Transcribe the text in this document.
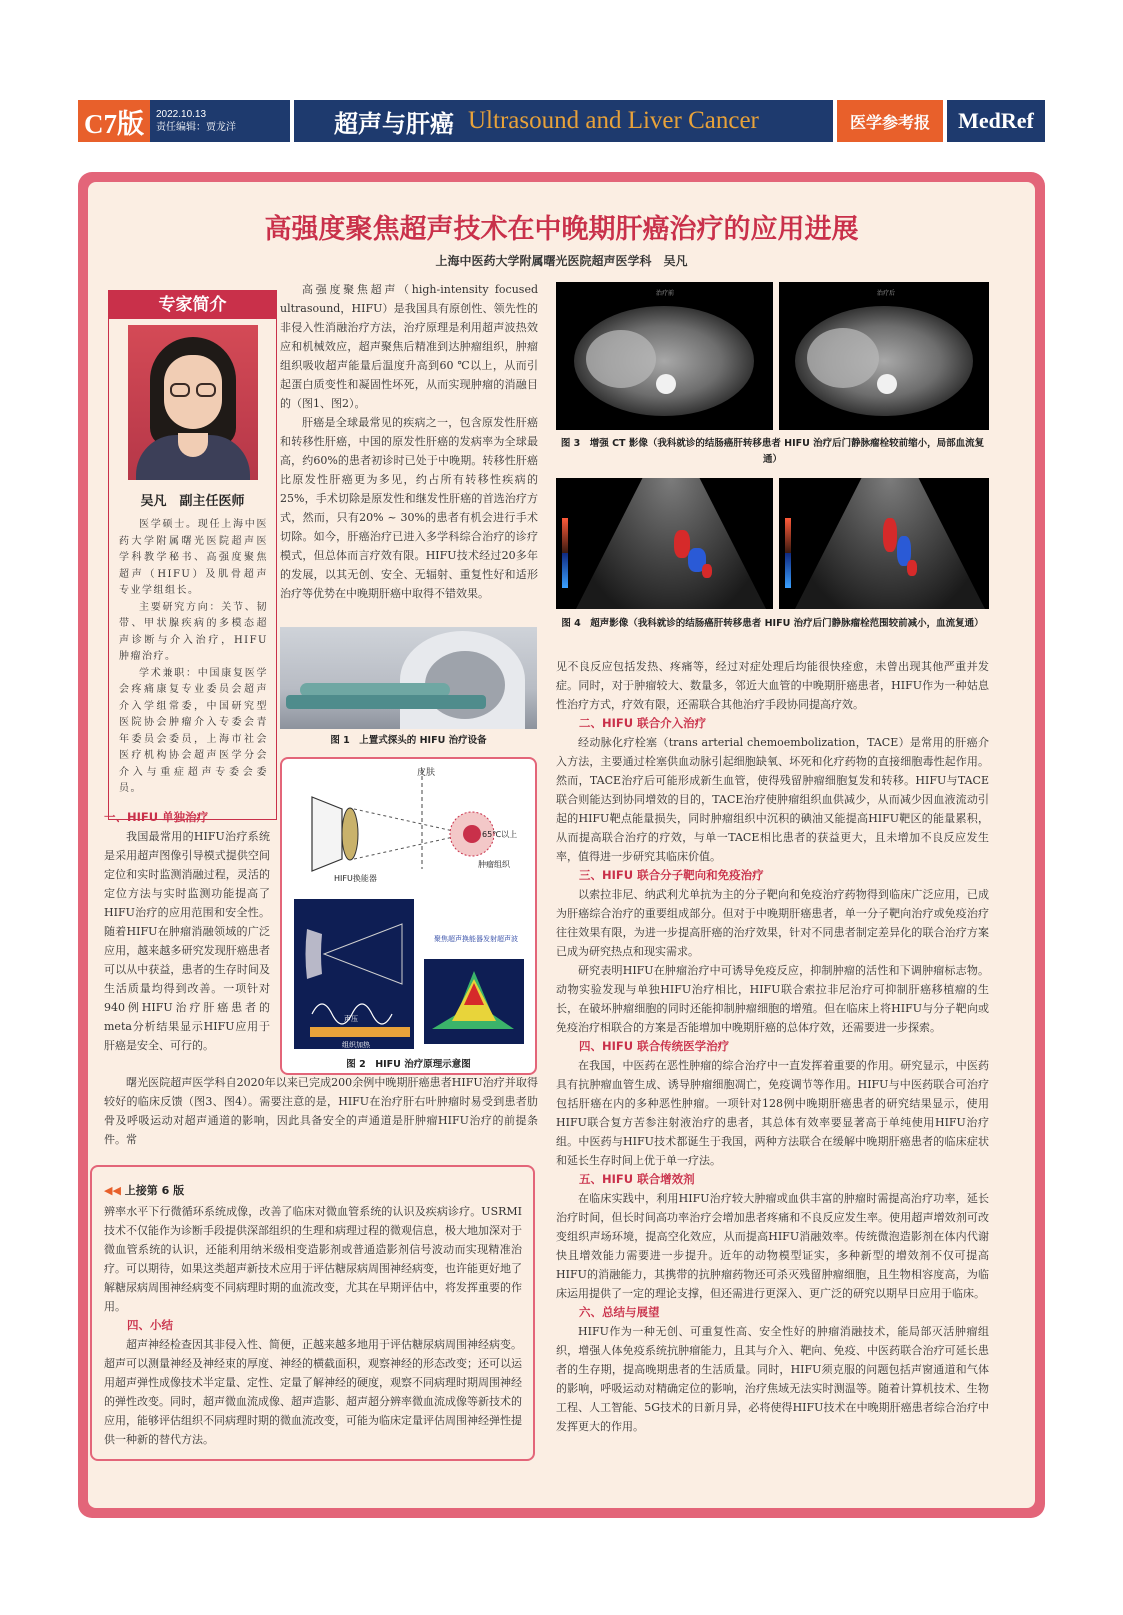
C7版	2022.10.13
责任编辑：贾龙洋	超声与肝癌 Ultrasound and Liver Cancer	医学参考报	MedRef
高强度聚焦超声技术在中晚期肝癌治疗的应用进展
上海中医药大学附属曙光医院超声医学科　吴凡
专家简介
吴凡　副主任医师

医学硕士。现任上海中医药大学附属曙光医院超声医学科教学秘书、高强度聚焦超声（HIFU）及肌骨超声专业学组组长。

主要研究方向：关节、韧带、甲状腺疾病的多模态超声诊断与介入治疗，HIFU肿瘤治疗。

学术兼职：中国康复医学会疼痛康复专业委员会超声介入学组常委，中国研究型医院协会肿瘤介入专委会青年委员会委员，上海市社会医疗机构协会超声医学分会介入与重症超声专委会委员。

高强度聚焦超声（high-intensity focused ultrasound，HIFU）是我国具有原创性、领先性的非侵入性消融治疗方法，治疗原理是利用超声波热效应和机械效应，超声聚焦后精准到达肿瘤组织，肿瘤组织吸收超声能量后温度升高到60 ℃以上，从而引起蛋白质变性和凝固性坏死，从而实现肿瘤的消融目的（图1、图2）。

肝癌是全球最常见的疾病之一，包含原发性肝癌和转移性肝癌，中国的原发性肝癌的发病率为全球最高，约60%的患者初诊时已处于中晚期。转移性肝癌比原发性肝癌更为多见，约占所有转移性疾病的25%，手术切除是原发性和继发性肝癌的首选治疗方式，然而，只有20% ~ 30%的患者有机会进行手术切除。如今，肝癌治疗已进入多学科综合治疗的诊疗模式，但总体而言疗效有限。HIFU技术经过20多年的发展，以其无创、安全、无辐射、重复性好和适形治疗等优势在中晚期肝癌中取得不错效果。

图 1　上置式探头的 HIFU 治疗设备
皮肤
65℃以上
肿瘤组织
HIFU换能器
声压
组织加热
聚焦超声换能器发射超声波
图 2　HIFU 治疗原理示意图
一、HIFU 单独治疗

我国最常用的HIFU治疗系统是采用超声图像引导模式提供空间定位和实时监测消融过程，灵活的定位方法与实时监测功能提高了HIFU治疗的应用范围和安全性。随着HIFU在肿瘤消融领域的广泛应用，越来越多研究发现肝癌患者可以从中获益，患者的生存时间及生活质量均得到改善。一项针对940例HIFU治疗肝癌患者的meta分析结果显示HIFU应用于肝癌是安全、可行的。

曙光医院超声医学科自2020年以来已完成200余例中晚期肝癌患者HIFU治疗并取得较好的临床反馈（图3、图4）。需要注意的是，HIFU在治疗肝右叶肿瘤时易受到患者肋骨及呼吸运动对超声通道的影响，因此具备安全的声通道是肝肿瘤HIFU治疗的前提条件。常

治疗前	治疗后
图 3　增强 CT 影像（我科就诊的结肠癌肝转移患者 HIFU 治疗后门静脉瘤栓较前缩小，局部血流复通）
图 4　超声影像（我科就诊的结肠癌肝转移患者 HIFU 治疗后门静脉瘤栓范围较前减小，血流复通）

见不良反应包括发热、疼痛等，经过对症处理后均能很快痊愈，未曾出现其他严重并发症。同时，对于肿瘤较大、数量多，邻近大血管的中晚期肝癌患者，HIFU作为一种姑息性治疗方式，疗效有限，还需联合其他治疗手段协同提高疗效。

二、HIFU 联合介入治疗

经动脉化疗栓塞（trans arterial chemoembolization，TACE）是常用的肝癌介入方法，主要通过栓塞供血动脉引起细胞缺氧、坏死和化疗药物的直接细胞毒性起作用。然而，TACE治疗后可能形成新生血管，使得残留肿瘤细胞复发和转移。HIFU与TACE联合则能达到协同增效的目的，TACE治疗使肿瘤组织血供减少，从而减少因血液流动引起的HIFU靶点能量损失，同时肿瘤组织中沉积的碘油又能提高HIFU靶区的能量累积，从而提高联合治疗的疗效，与单一TACE相比患者的获益更大，且未增加不良反应发生率，值得进一步研究其临床价值。

三、HIFU 联合分子靶向和免疫治疗

以索拉非尼、纳武利尤单抗为主的分子靶向和免疫治疗药物得到临床广泛应用，已成为肝癌综合治疗的重要组成部分。但对于中晚期肝癌患者，单一分子靶向治疗或免疫治疗往往效果有限，为进一步提高肝癌的治疗效果，针对不同患者制定差异化的联合治疗方案已成为研究热点和现实需求。

研究表明HIFU在肿瘤治疗中可诱导免疫反应，抑制肿瘤的活性和下调肿瘤标志物。动物实验发现与单独HIFU治疗相比，HIFU联合索拉非尼治疗可抑制肝癌移植瘤的生长，在破坏肿瘤细胞的同时还能抑制肿瘤细胞的增殖。但在临床上将HIFU与分子靶向或免疫治疗相联合的方案是否能增加中晚期肝癌的总体疗效，还需要进一步探索。

四、HIFU 联合传统医学治疗

在我国，中医药在恶性肿瘤的综合治疗中一直发挥着重要的作用。研究显示，中医药具有抗肿瘤血管生成、诱导肿瘤细胞凋亡，免疫调节等作用。HIFU与中医药联合可治疗包括肝癌在内的多种恶性肿瘤。一项针对128例中晚期肝癌患者的研究结果显示，使用HIFU联合复方苦参注射液治疗的患者，其总体有效率要显著高于单纯使用HIFU治疗组。中医药与HIFU技术都诞生于我国，两种方法联合在缓解中晚期肝癌患者的临床症状和延长生存时间上优于单一疗法。

五、HIFU 联合增效剂

在临床实践中，利用HIFU治疗较大肿瘤或血供丰富的肿瘤时需提高治疗功率，延长治疗时间，但长时间高功率治疗会增加患者疼痛和不良反应发生率。使用超声增效剂可改变组织声场环境，提高空化效应，从而提高HIFU消融效率。传统微泡造影剂在体内代谢快且增效能力需要进一步提升。近年的动物模型证实，多种新型的增效剂不仅可提高HIFU的消融能力，其携带的抗肿瘤药物还可杀灭残留肿瘤细胞，且生物相容度高，为临床运用提供了一定的理论支撑，但还需进行更深入、更广泛的研究以期早日应用于临床。

六、总结与展望

HIFU作为一种无创、可重复性高、安全性好的肿瘤消融技术，能局部灭活肿瘤组织，增强人体免疫系统抗肿瘤能力，且其与介入、靶向、免疫、中医药联合治疗可延长患者的生存期，提高晚期患者的生活质量。同时，HIFU须克服的问题包括声窗通道和气体的影响，呼吸运动对精确定位的影响，治疗焦域无法实时测温等。随着计算机技术、生物工程、人工智能、5G技术的日新月异，必将使得HIFU技术在中晚期肝癌患者综合治疗中发挥更大的作用。

◀◀ 上接第 6 版

辨率水平下行微循环系统成像，改善了临床对微血管系统的认识及疾病诊疗。USRMI技术不仅能作为诊断手段提供深部组织的生理和病理过程的微观信息，极大地加深对于微血管系统的认识，还能利用纳米级相变造影剂或普通造影剂信号波动而实现精准治疗。可以期待，如果这类超声新技术应用于评估糖尿病周围神经病变，也许能更好地了解糖尿病周围神经病变不同病理时期的血流改变，尤其在早期评估中，将发挥重要的作用。

四、小结

超声神经检查因其非侵入性、简便，正越来越多地用于评估糖尿病周围神经病变。超声可以测量神经及神经束的厚度、神经的横截面积，观察神经的形态改变；还可以运用超声弹性成像技术半定量、定性、定量了解神经的硬度，观察不同病理时期周围神经的弹性改变。同时，超声微血流成像、超声造影、超声超分辨率微血流成像等新技术的应用，能够评估组织不同病理时期的微血流改变，可能为临床定量评估周围神经弹性提供一种新的替代方法。
